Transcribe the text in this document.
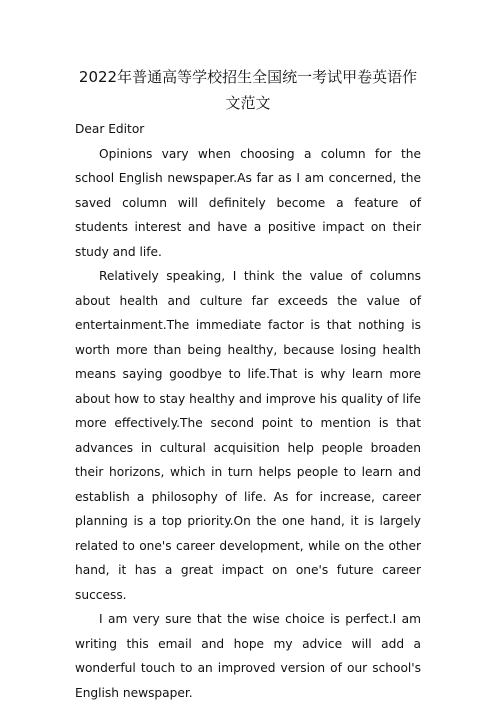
2022年普通高等学校招生全国统一考试甲卷英语作
文范文

Dear Editor

Opinions vary when choosing a column for the school English newspaper.As far as I am concerned, the saved column will definitely become a feature of students interest and have a positive impact on their study and life.

Relatively speaking, I think the value of columns about health and culture far exceeds the value of entertainment.The immediate factor is that nothing is worth more than being healthy, because losing health means saying goodbye to life.That is why learn more about how to stay healthy and improve his quality of life more effectively.The second point to mention is that advances in cultural acquisition help people broaden their horizons, which in turn helps people to learn and establish a philosophy of life. As for increase, career planning is a top priority.On the one hand, it is largely related to one's career development, while on the other hand, it has a great impact on one's future career success.

I am very sure that the wise choice is perfect.I am writing this email and hope my advice will add a wonderful touch to an improved version of our school's English newspaper.
